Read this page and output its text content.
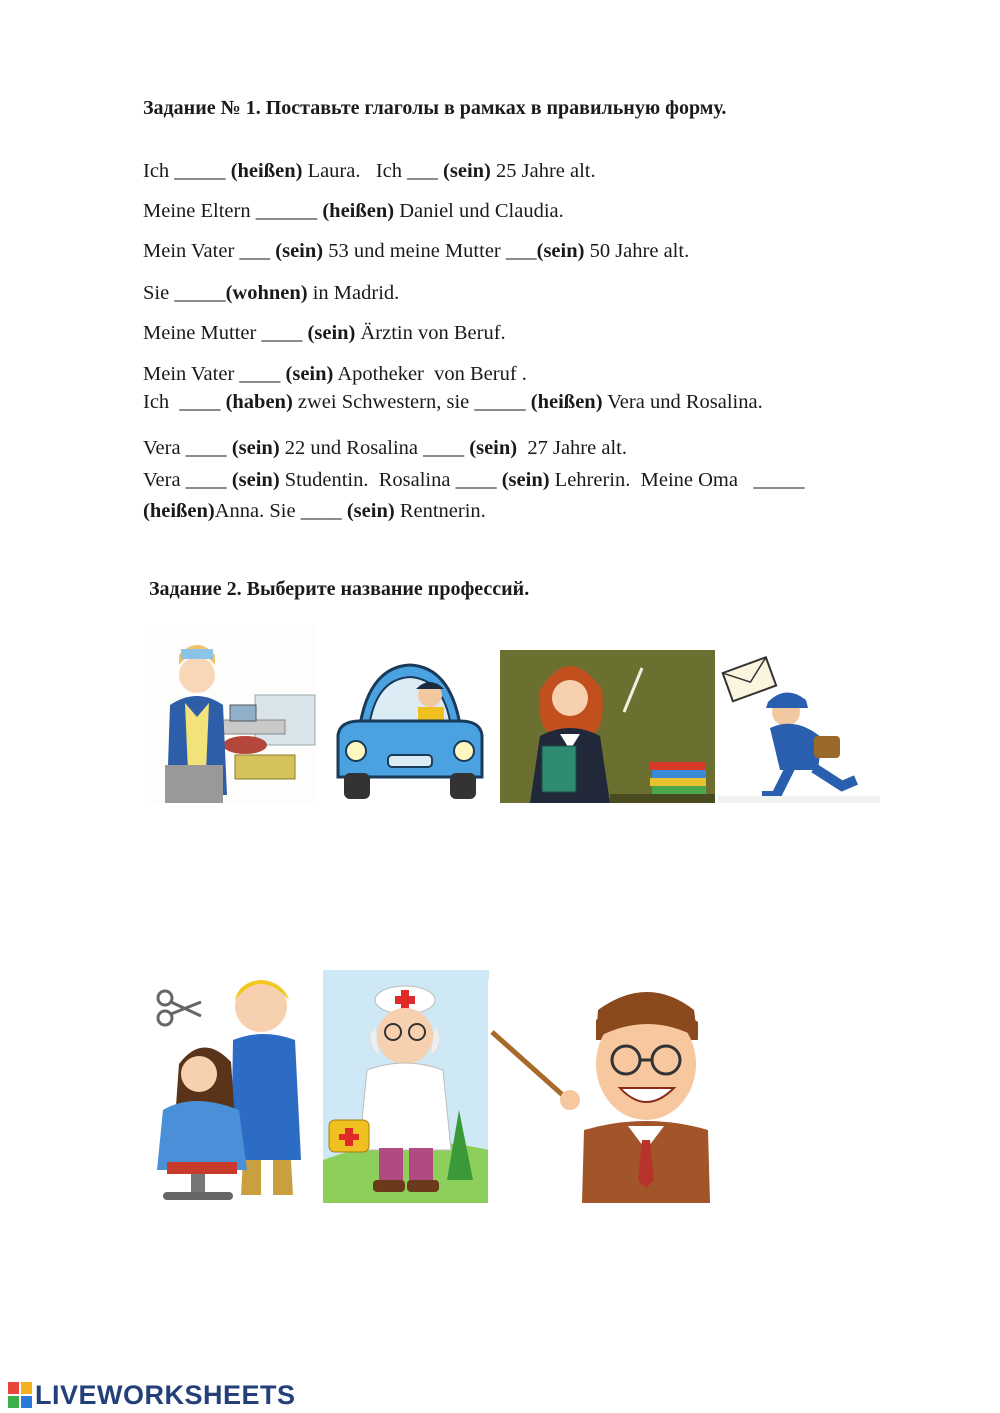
Задание № 1. Поставьте глаголы в рамках в правильную форму.

Ich _____ (heißen) Laura.   Ich ___ (sein) 25 Jahre alt.

Meine Eltern ______ (heißen) Daniel und Claudia.

Mein Vater ___ (sein) 53 und meine Mutter ___(sein) 50 Jahre alt.

Sie _____(wohnen) in Madrid.

Meine Mutter ____ (sein) Ärztin von Beruf.

Mein Vater ____ (sein) Apotheker  von Beruf .

Ich  ____ (haben) zwei Schwestern, sie _____ (heißen) Vera und Rosalina.

Vera ____ (sein) 22 und Rosalina ____ (sein)  27 Jahre alt.

Vera ____ (sein) Studentin.  Rosalina ____ (sein) Lehrerin.  Meine Oma   _____

(heißen)Anna. Sie ____ (sein) Rentnerin.

Задание 2. Выберите название профессий.
LIVEWORKSHEETS
